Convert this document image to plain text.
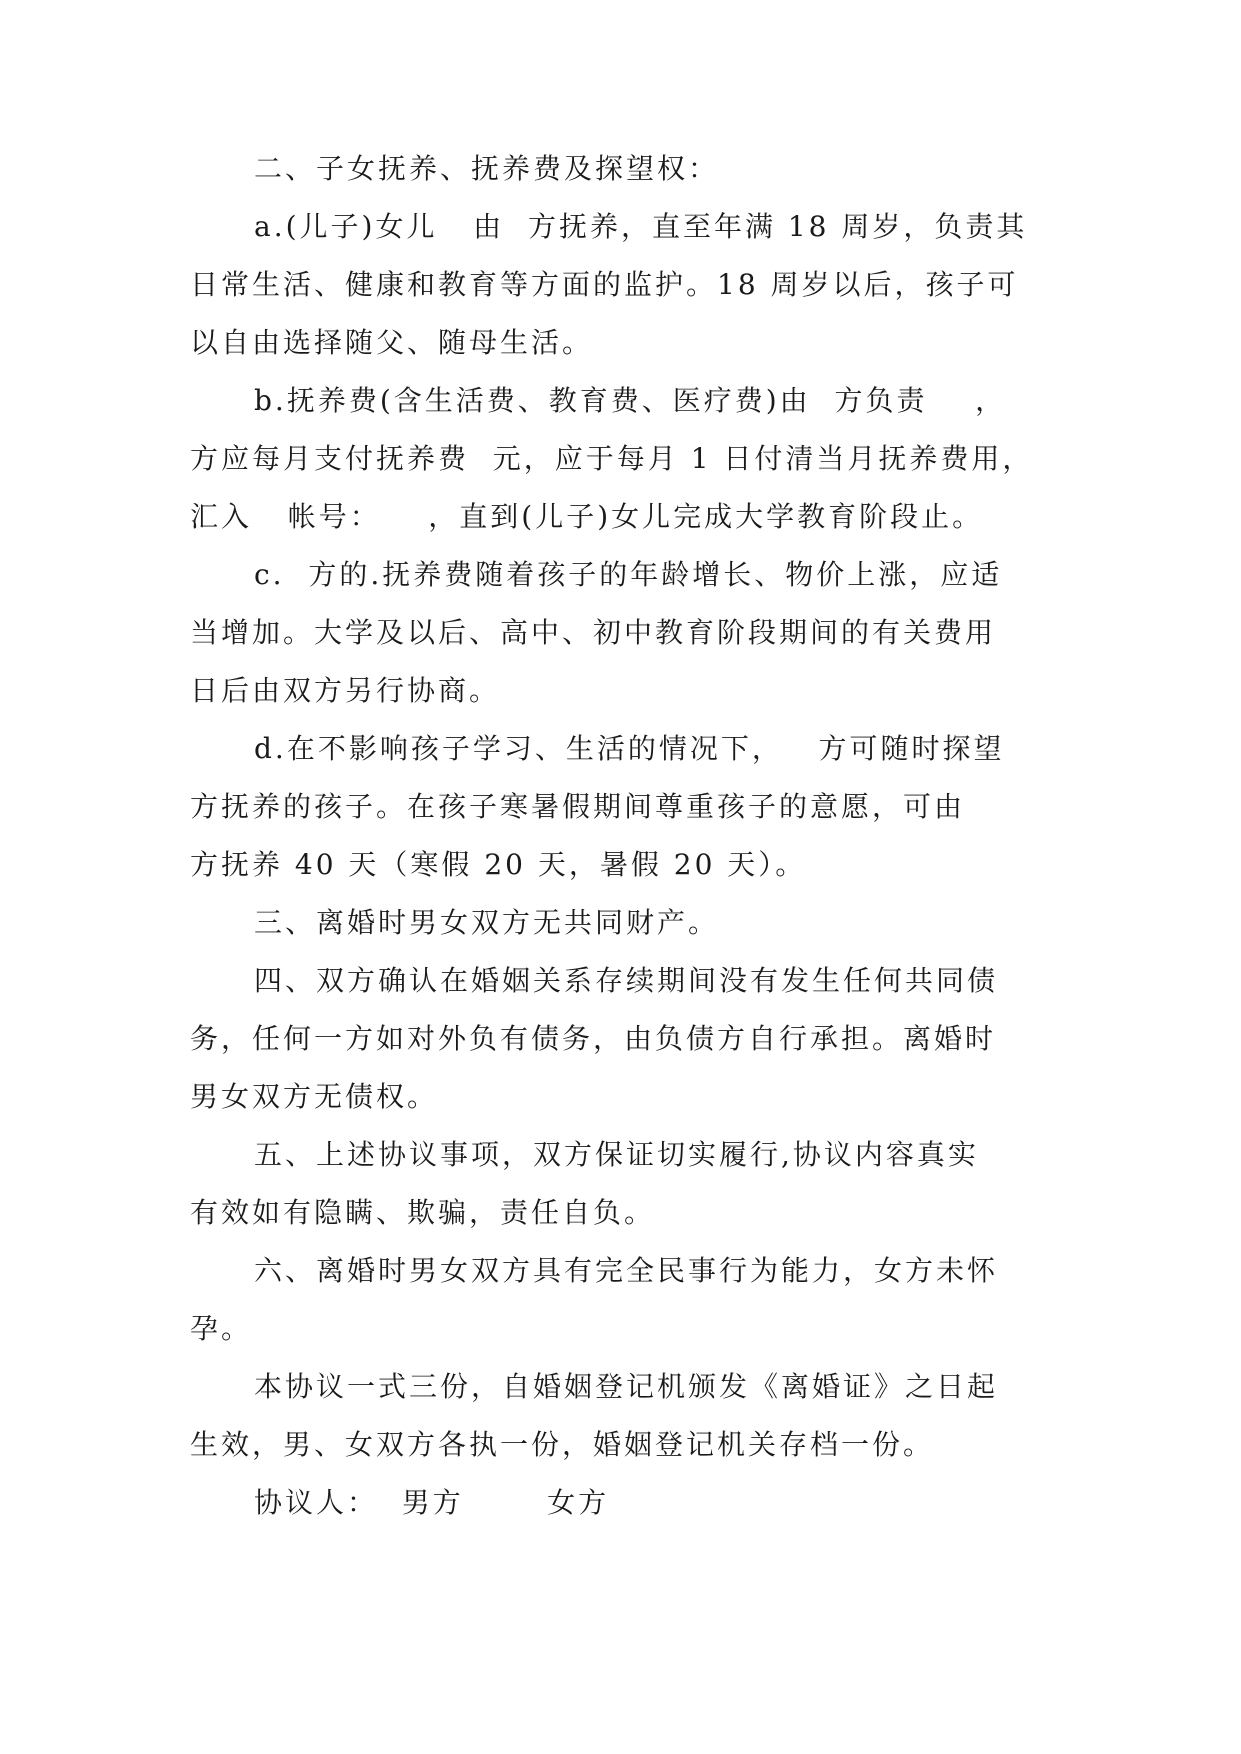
二、子女抚养、抚养费及探望权：
a.(儿子)女儿   由  方抚养，直至年满 18 周岁，负责其
日常生活、健康和教育等方面的监护。18 周岁以后，孩子可
以自由选择随父、随母生活。
b.抚养费(含生活费、教育费、医疗费)由  方负责    ，
方应每月支付抚养费  元，应于每月 1 日付清当月抚养费用，
汇入   帐号：    ，直到(儿子)女儿完成大学教育阶段止。
c.  方的.抚养费随着孩子的年龄增长、物价上涨，应适
当增加。大学及以后、高中、初中教育阶段期间的有关费用
日后由双方另行协商。
d.在不影响孩子学习、生活的情况下，   方可随时探望
方抚养的孩子。在孩子寒暑假期间尊重孩子的意愿，可由
方抚养 40 天（寒假 20 天，暑假 20 天）。
三、离婚时男女双方无共同财产。
四、双方确认在婚姻关系存续期间没有发生任何共同债
务，任何一方如对外负有债务，由负债方自行承担。离婚时
男女双方无债权。
五、上述协议事项，双方保证切实履行,协议内容真实
有效如有隐瞒、欺骗，责任自负。
六、离婚时男女双方具有完全民事行为能力，女方未怀
孕。
本协议一式三份，自婚姻登记机颁发《离婚证》之日起
生效，男、女双方各执一份，婚姻登记机关存档一份。
协议人：  男方       女方
